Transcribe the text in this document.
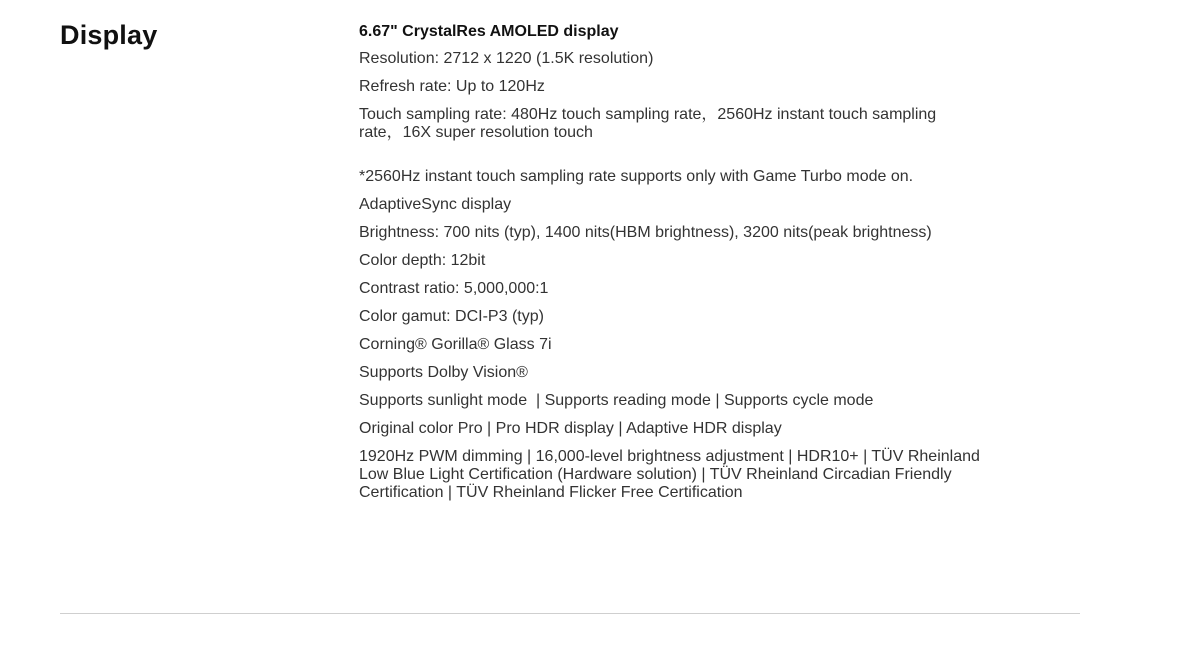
Display	6.67" CrystalRes AMOLED display
Resolution: 2712 x 1220 (1.5K resolution)
Refresh rate: Up to 120Hz
Touch sampling rate: 480Hz touch sampling rate，2560Hz instant touch sampling rate，16X super resolution touch
*2560Hz instant touch sampling rate supports only with Game Turbo mode on.
AdaptiveSync display
Brightness: 700 nits (typ), 1400 nits(HBM brightness), 3200 nits(peak brightness)
Color depth: 12bit
Contrast ratio: 5,000,000:1
Color gamut: DCI-P3 (typ)
Corning® Gorilla® Glass 7i
Supports Dolby Vision®
Supports sunlight mode  | Supports reading mode | Supports cycle mode
Original color Pro | Pro HDR display | Adaptive HDR display
1920Hz PWM dimming | 16,000-level brightness adjustment | HDR10+ | TÜV Rheinland Low Blue Light Certification (Hardware solution) | TÜV Rheinland Circadian Friendly Certification | TÜV Rheinland Flicker Free Certification
